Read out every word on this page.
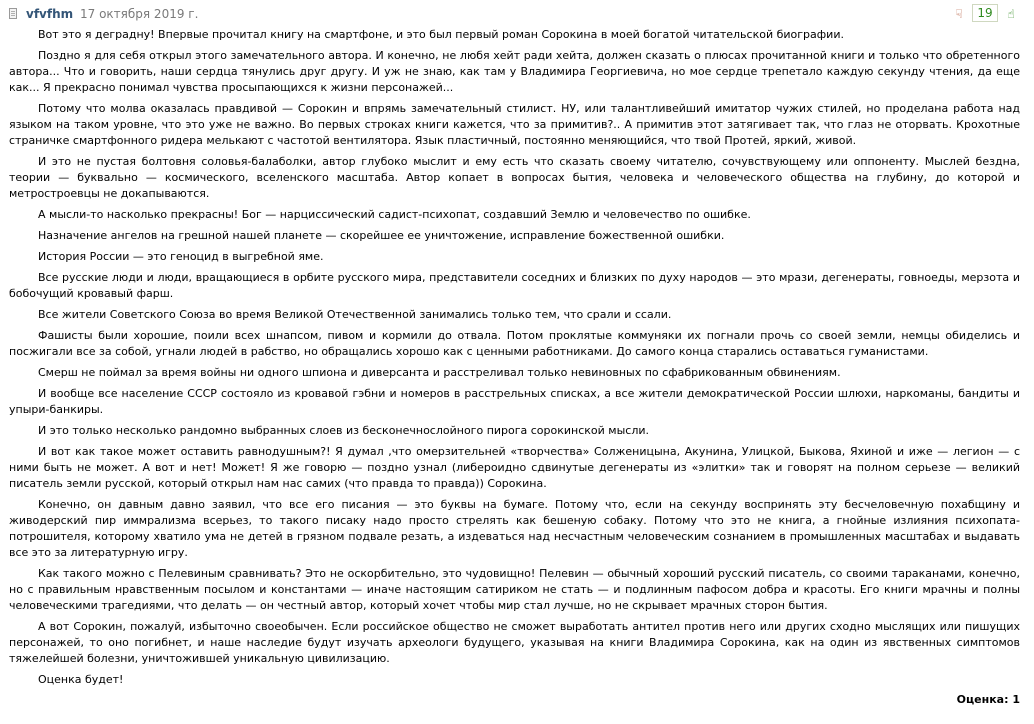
vfvfhm 17 октября 2019 г.	☟	19	☝

Вот это я деградну! Впервые прочитал книгу на смартфоне, и это был первый роман Сорокина в моей богатой читательской биографии.

Поздно я для себя открыл этого замечательного автора. И конечно, не любя хейт ради хейта, должен сказать о плюсах прочитанной книги и только что обретенного автора... Что и говорить, наши сердца тянулись друг другу. И уж не знаю, как там у Владимира Георгиевича, но мое сердце трепетало каждую секунду чтения, да еще как... Я прекрасно понимал чувства просыпающихся к жизни персонажей...

Потому что молва оказалась правдивой — Сорокин и впрямь замечательный стилист. НУ, или талантливейший имитатор чужих стилей, но проделана работа над языком на таком уровне, что это уже не важно. Во первых строках книги кажется, что за примитив?.. А примитив этот затягивает так, что глаз не оторвать. Крохотные страничке смартфонного ридера мелькают с частотой вентилятора. Язык пластичный, постоянно меняющийся, что твой Протей, яркий, живой.

И это не пустая болтовня соловья-балаболки, автор глубоко мыслит и ему есть что сказать своему читателю, сочувствующему или оппоненту. Мыслей бездна, теории — буквально — космического, вселенского масштаба. Автор копает в вопросах бытия, человека и человеческого общества на глубину, до которой и метростроевцы не докапываются.

А мысли-то насколько прекрасны! Бог — нарциссический садист-психопат, создавший Землю и человечество по ошибке.

Назначение ангелов на грешной нашей планете — скорейшее ее уничтожение, исправление божественной ошибки.

История России — это геноцид в выгребной яме.

Все русские люди и люди, вращающиеся в орбите русского мира, представители соседних и близких по духу народов — это мрази, дегенераты, говноеды, мерзота и бобочущий кровавый фарш.

Все жители Советского Союза во время Великой Отечественной занимались только тем, что срали и ссали.

Фашисты были хорошие, поили всех шнапсом, пивом и кормили до отвала. Потом проклятые коммуняки их погнали прочь со своей земли, немцы обиделись и посжигали все за собой, угнали людей в рабство, но обращались хорошо как с ценными работниками. До самого конца старались оставаться гуманистами.

Смерш не поймал за время войны ни одного шпиона и диверсанта и расстреливал только невиновных по сфабрикованным обвинениям.

И вообще все население СССР состояло из кровавой гэбни и номеров в расстрельных списках, а все жители демократической России шлюхи, наркоманы, бандиты и упыри-банкиры.

И это только несколько рандомно выбранных слоев из бесконечнослойного пирога сорокинской мысли.

И вот как такое может оставить равнодушным?! Я думал ,что омерзительней «творчества» Солженицына, Акунина, Улицкой, Быкова, Яхиной и иже — легион — с ними быть не может. А вот и нет! Может! Я же говорю — поздно узнал (либероидно сдвинутые дегенераты из «элитки» так и говорят на полном серьезе — великий писатель земли русской, который открыл нам нас самих (что правда то правда)) Сорокина.

Конечно, он давным давно заявил, что все его писания — это буквы на бумаге. Потому что, если на секунду воспринять эту бесчеловечную похабщину и живодерский пир иммрализма всерьез, то такого писаку надо просто стрелять как бешеную собаку. Потому что это не книга, а гнойные излияния психопата-потрошителя, которому хватило ума не детей в грязном подвале резать, а издеваться над несчастным человеческим сознанием в промышленных масштабах и выдавать все это за литературную игру.

Как такого можно с Пелевиным сравнивать? Это не оскорбительно, это чудовищно! Пелевин — обычный хороший русский писатель, со своими тараканами, конечно, но с правильным нравственным посылом и константами — иначе настоящим сатириком не стать — и подлинным пафосом добра и красоты. Его книги мрачны и полны человеческими трагедиями, что делать — он честный автор, который хочет чтобы мир стал лучше, но не скрывает мрачных сторон бытия.

А вот Сорокин, пожалуй, избыточно своеобычен. Если российское общество не сможет выработать антител против него или других сходно мыслящих или пишущих персонажей, то оно погибнет, и наше наследие будут изучать археологи будущего, указывая на книги Владимира Сорокина, как на один из явственных симптомов тяжелейшей болезни, уничтожившей уникальную цивилизацию.

Оценка будет!

Оценка: 1
